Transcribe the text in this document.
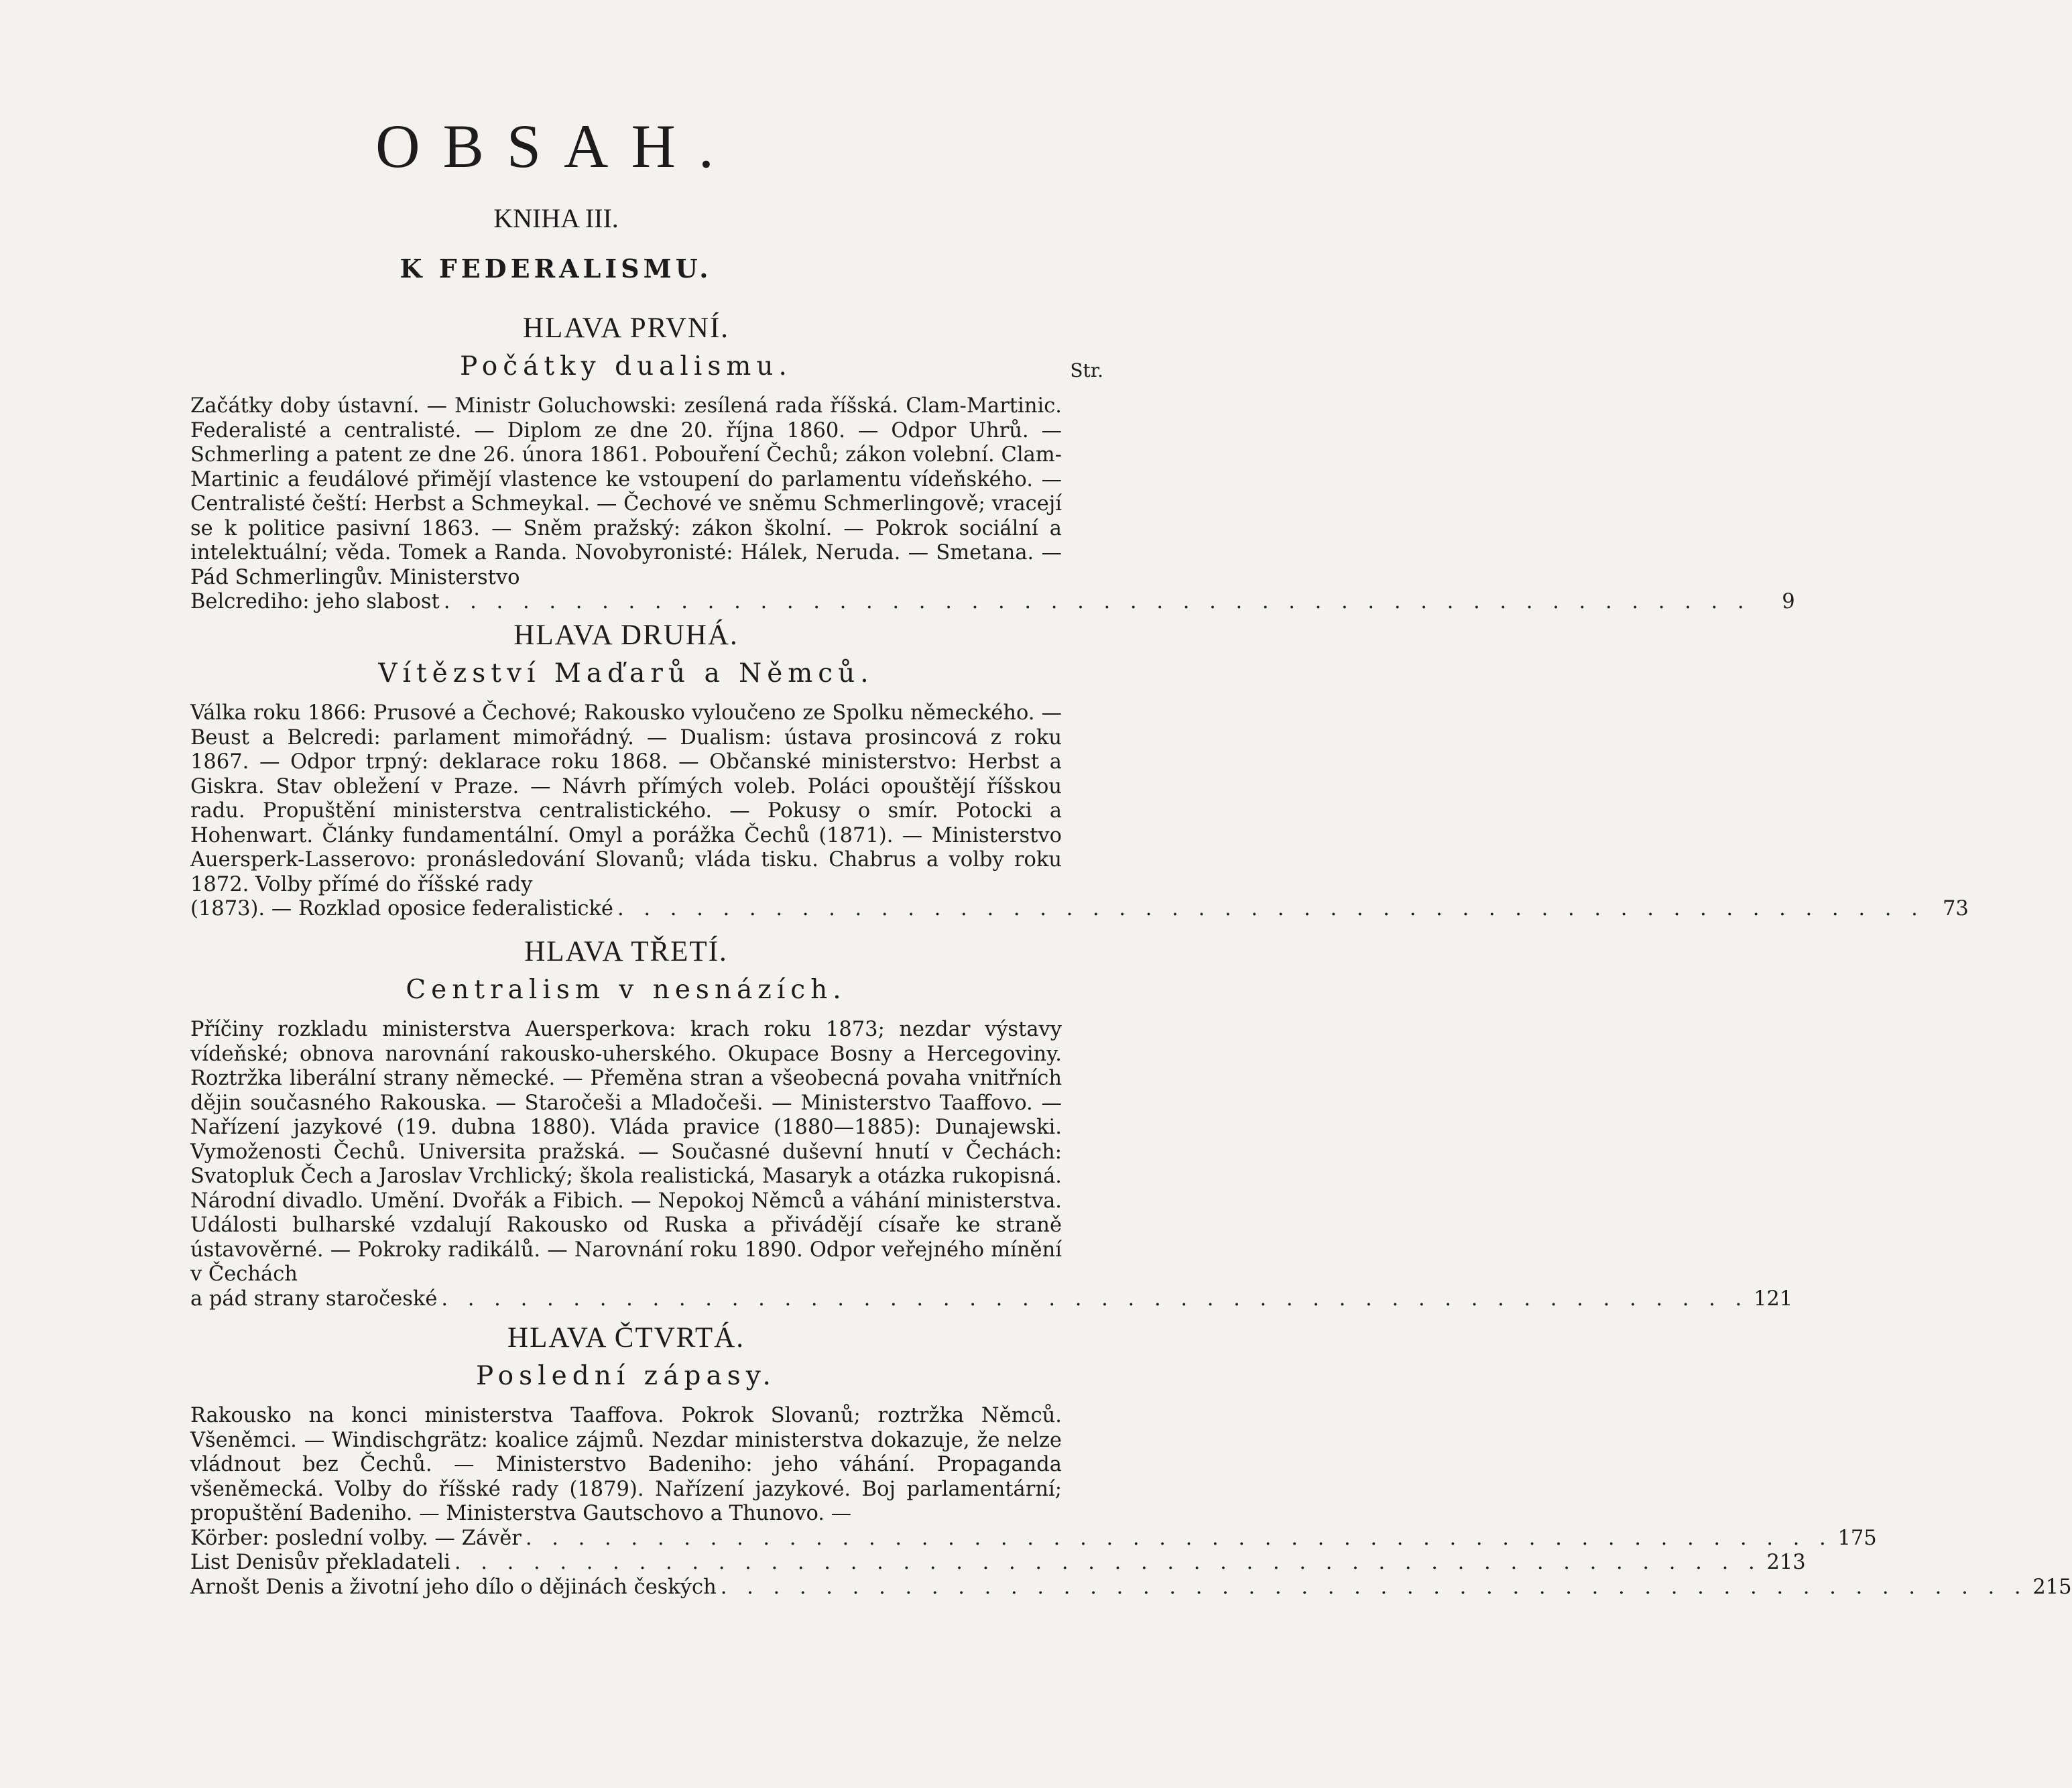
OBSAH.
KNIHA III.
K FEDERALISMU.
HLAVA PRVNÍ.
Počátky dualismu.	Str.
Začátky doby ústavní. — Ministr Goluchowski: zesílená rada říšská. Clam-Martinic. Federalisté a centralisté. — Diplom ze dne 20. října 1860. — Odpor Uhrů. — Schmerling a patent ze dne 26. února 1861. Pobouření Čechů; zákon volební. Clam-Martinic a feudálové přimějí vlastence ke vstoupení do parlamentu vídeňského. — Centralisté čeští: Herbst a Schmeykal. — Čechové ve sněmu Schmerlingově; vracejí se k politice pasivní 1863. — Sněm pražský: zákon školní. — Pokrok sociální a intelektuální; věda. Tomek a Randa. Novobyronisté: Hálek, Neruda. — Smetana. — Pád Schmerlingův. Ministerstvo
Belcrediho: jeho slabost . . . . . . . . . . . . . . . . . . . . . . . . . . . . . . . . . . . . . . . . . . . . . . . . . .	9
HLAVA DRUHÁ.
Vítězství Maďarů a Němců.
Válka roku 1866: Prusové a Čechové; Rakousko vyloučeno ze Spolku německého. — Beust a Belcredi: parlament mimořádný. — Dualism: ústava prosincová z roku 1867. — Odpor trpný: deklarace roku 1868. — Občanské ministerstvo: Herbst a Giskra. Stav obležení v Praze. — Návrh přímých voleb. Poláci opouštějí říšskou radu. Propuštění ministerstva centralistického. — Pokusy o smír. Potocki a Hohenwart. Články fundamentální. Omyl a porážka Čechů (1871). — Ministerstvo Auersperk-Lasserovo: pronásledování Slovanů; vláda tisku. Chabrus a volby roku 1872. Volby přímé do říšské rady
(1873). — Rozklad oposice federalistické . . . . . . . . . . . . . . . . . . . . . . . . . . . . . . . . . . . . . . . . . . . . . . . . . . 73
HLAVA TŘETÍ.
Centralism v nesnázích.
Příčiny rozkladu ministerstva Auersperkova: krach roku 1873; nezdar výstavy vídeňské; obnova narovnání rakousko-uherského. Okupace Bosny a Hercegoviny. Roztržka liberální strany německé. — Přeměna stran a všeobecná povaha vnitřních dějin současného Rakouska. — Staročeši a Mladočeši. — Ministerstvo Taaffovo. — Nařízení jazykové (19. dubna 1880). Vláda pravice (1880—1885): Dunajewski. Vymoženosti Čechů. Universita pražská. — Současné duševní hnutí v Čechách: Svatopluk Čech a Jaroslav Vrchlický; škola realistická, Masaryk a otázka rukopisná. Národní divadlo. Umění. Dvořák a Fibich. — Nepokoj Němců a váhání ministerstva. Události bulharské vzdalují Rakousko od Ruska a přivádějí císaře ke straně ústavověrné. — Pokroky radikálů. — Narovnání roku 1890. Odpor veřejného mínění v Čechách
a pád strany staročeské . . . . . . . . . . . . . . . . . . . . . . . . . . . . . . . . . . . . . . . . . . . . . . . . . . 121
HLAVA ČTVRTÁ.
Poslední zápasy.
Rakousko na konci ministerstva Taaffova. Pokrok Slovanů; roztržka Němců. Všeněmci. — Windischgrätz: koalice zájmů. Nezdar ministerstva dokazuje, že nelze vládnout bez Čechů. — Ministerstvo Badeniho: jeho váhání. Propaganda všeněmecká. Volby do říšské rady (1879). Nařízení jazykové. Boj parlamentární; propuštění Badeniho. — Ministerstva Gautschovo a Thunovo. —
Körber: poslední volby. — Závěr . . . . . . . . . . . . . . . . . . . . . . . . . . . . . . . . . . . . . . . . . . . . . . . . . . 175
List Denisův překladateli . . . . . . . . . . . . . . . . . . . . . . . . . . . . . . . . . . . . . . . . . . . . . . . . . . 213
Arnošt Denis a životní jeho dílo o dějinách českých . . . . . . . . . . . . . . . . . . . . . . . . . . . . . . . . . . . . . . . . . . . . . . . . . . 215
